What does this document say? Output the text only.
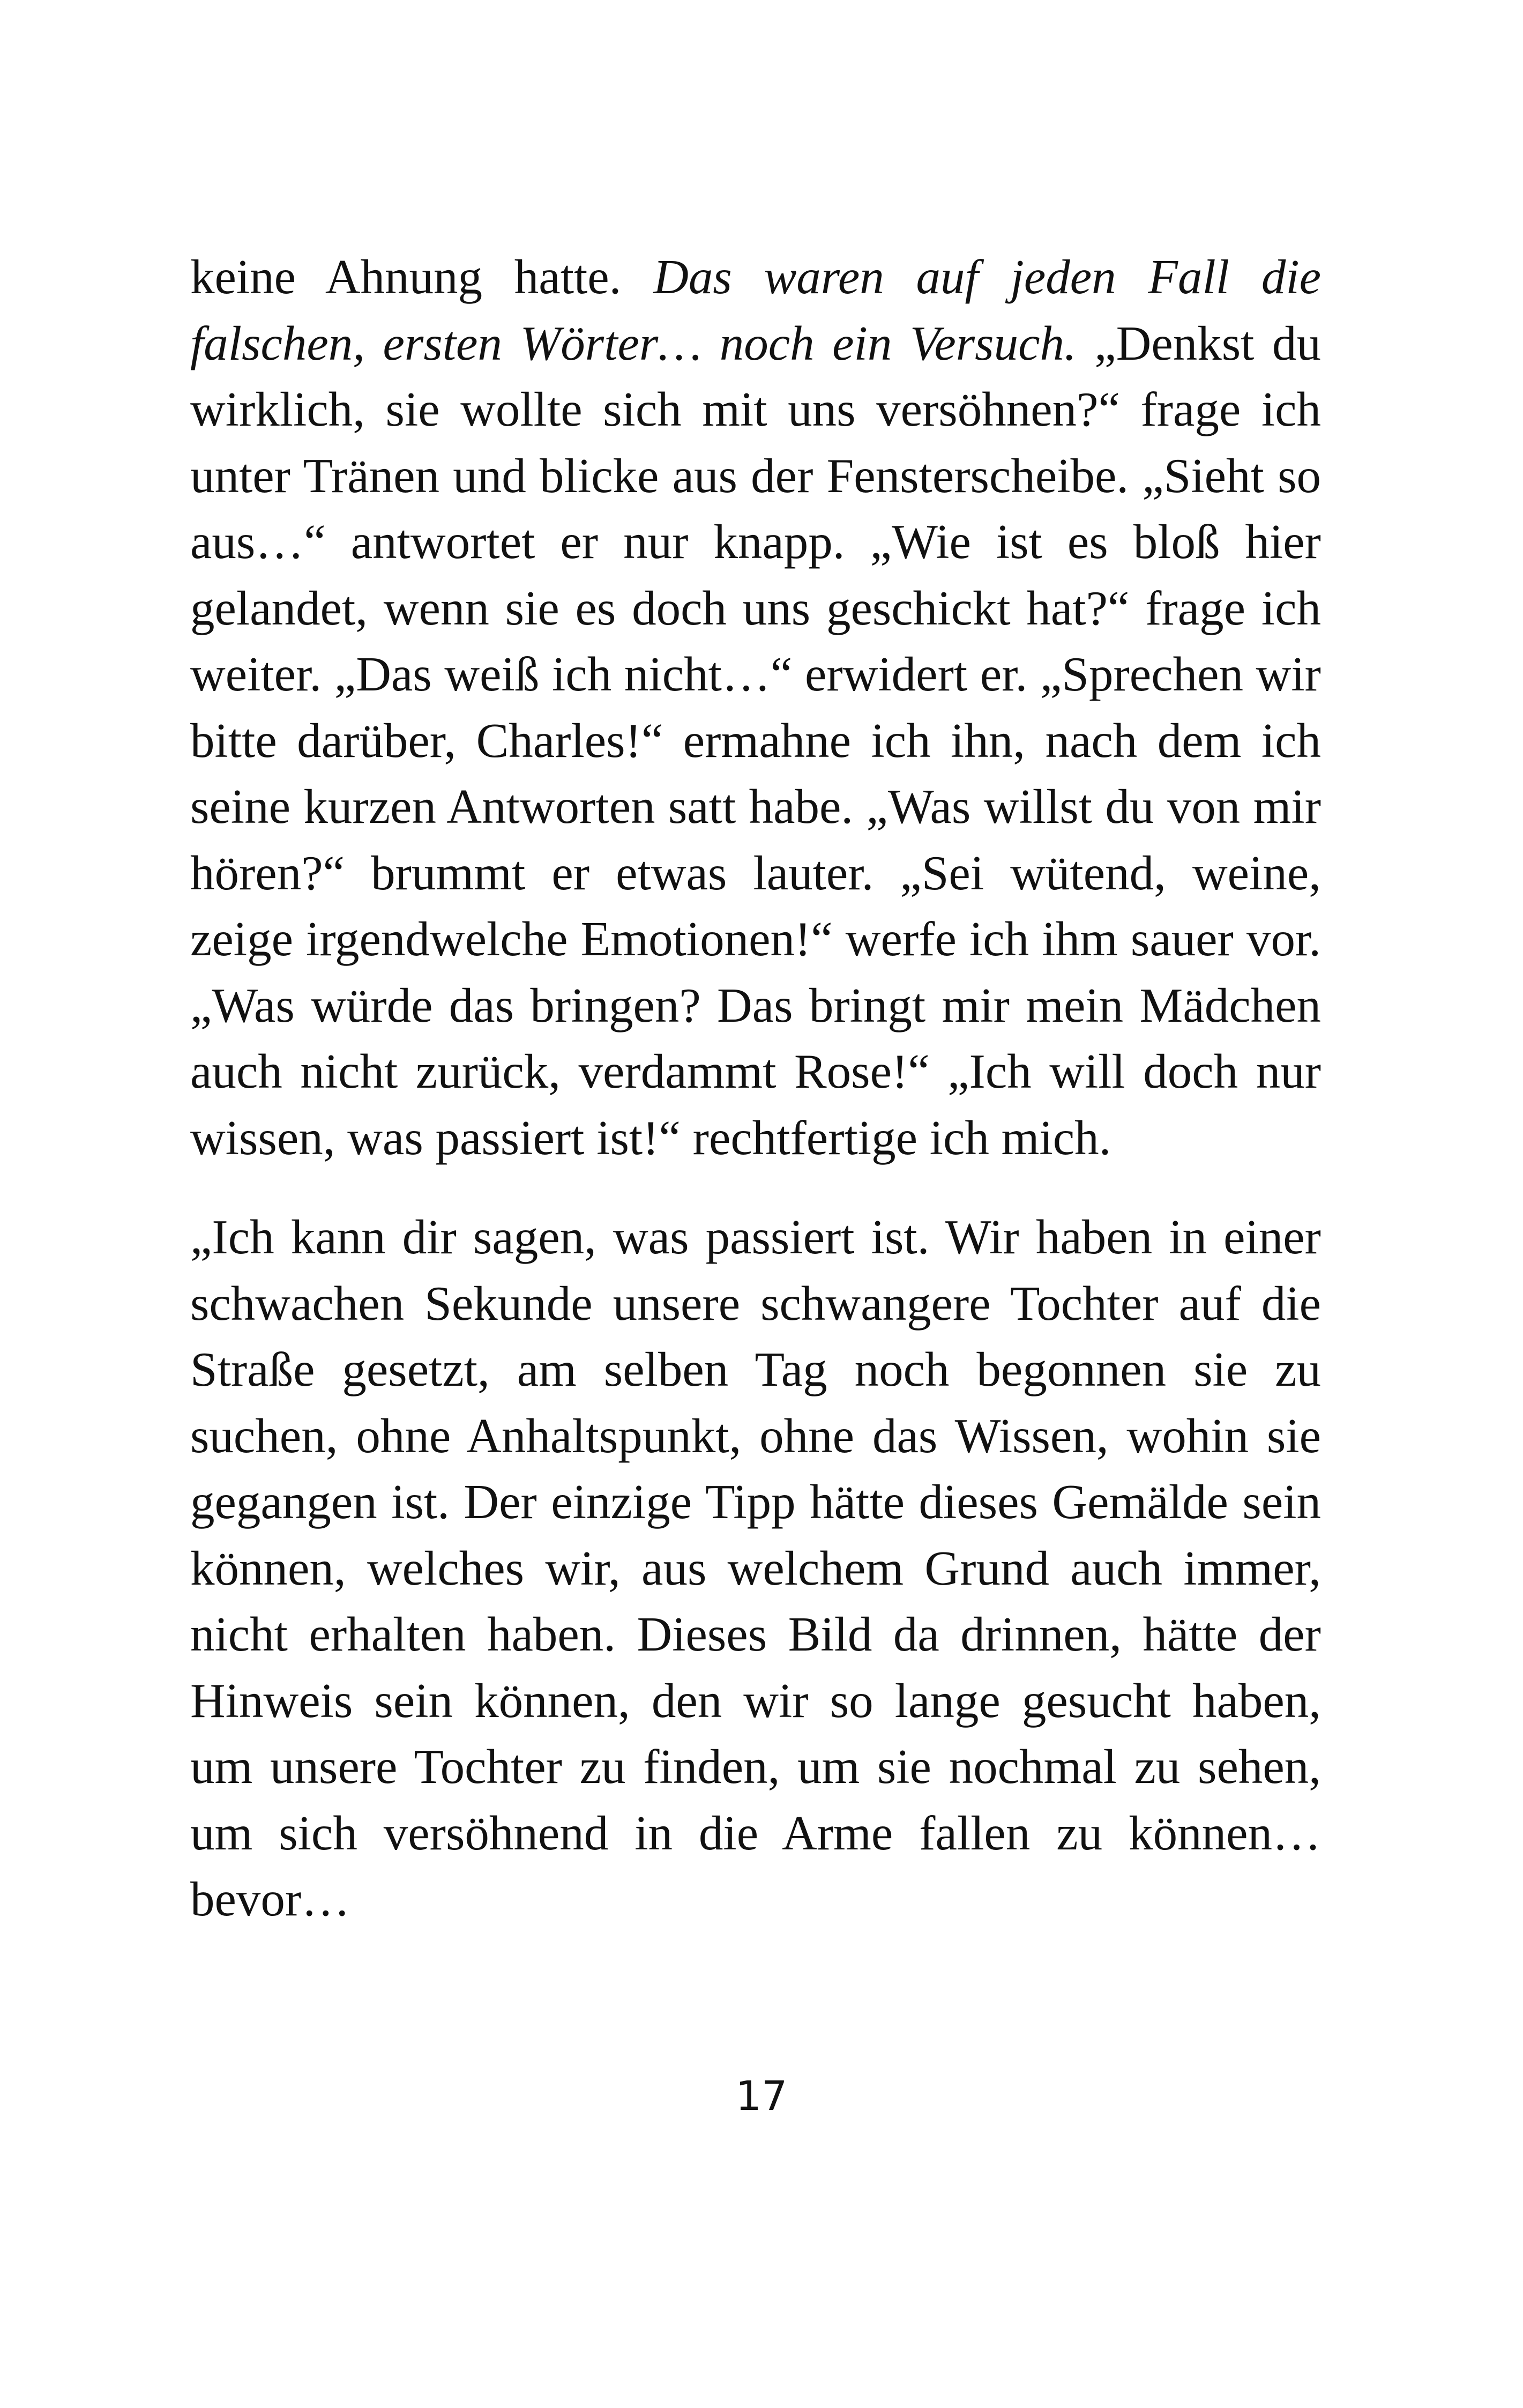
keine Ahnung hatte. Das waren auf jeden Fall die falschen, ersten Wörter… noch ein Versuch. „Denkst du wirklich, sie wollte sich mit uns versöhnen?“ frage ich unter Tränen und blicke aus der Fensterscheibe. „Sieht so aus…“ antwortet er nur knapp. „Wie ist es bloß hier gelandet, wenn sie es doch uns geschickt hat?“ frage ich weiter. „Das weiß ich nicht…“ erwidert er. „Sprechen wir bitte darüber, Charles!“ ermahne ich ihn, nach dem ich seine kurzen Antworten satt habe. „Was willst du von mir hören?“ brummt er etwas lauter. „Sei wütend, weine, zeige irgendwelche Emotionen!“ werfe ich ihm sauer vor. „Was würde das bringen? Das bringt mir mein Mädchen auch nicht zurück, verdammt Rose!“ „Ich will doch nur wissen, was passiert ist!“ rechtfertige ich mich.

„Ich kann dir sagen, was passiert ist. Wir haben in einer schwachen Sekunde unsere schwangere Tochter auf die Straße gesetzt, am selben Tag noch begonnen sie zu suchen, ohne Anhaltspunkt, ohne das Wissen, wohin sie gegangen ist. Der einzige Tipp hätte dieses Gemälde sein können, welches wir, aus welchem Grund auch immer, nicht erhalten haben. Dieses Bild da drinnen, hätte der Hinweis sein können, den wir so lange gesucht haben, um unsere Tochter zu finden, um sie nochmal zu sehen, um sich versöhnend in die Arme fallen zu können… bevor…

17
